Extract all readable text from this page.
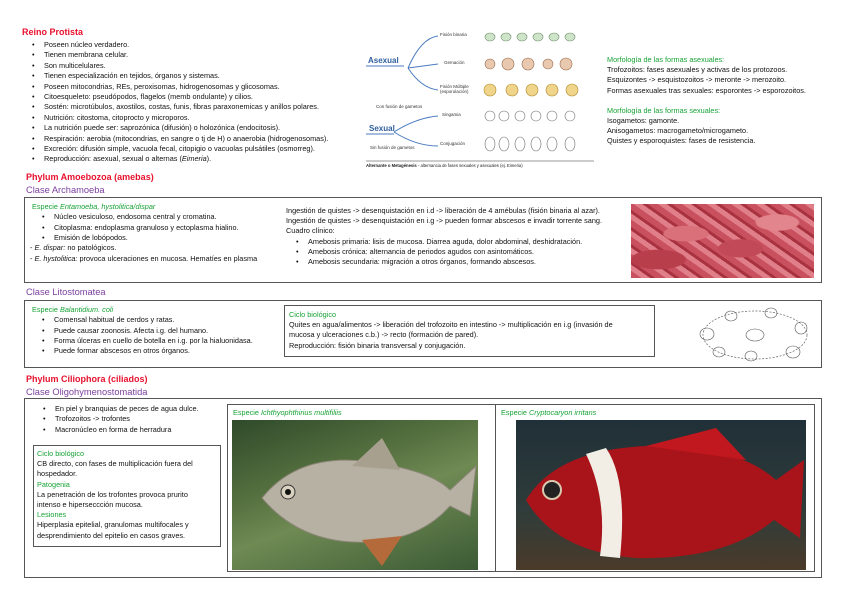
Reino Protista
• Poseen núcleo verdadero.
• Tienen membrana celular.
• Son multicelulares.
• Tienen especialización en tejidos, órganos y sistemas.
• Poseen mitocondrias, REs, peroxisomas, hidrogenosomas y glicosomas.
• Citoesqueleto: pseudópodos, flagelos (memb ondulante) y cilios.
• Sostén: microtúbulos, axostilos, costas, funis, fibras paraxonemicas y anillos polares.
• Nutrición: citostoma, citoprocto y microporos.
• La nutrición puede ser: saprozónica (difusión) o holozónica (endocitosis).
• Respiración: aerobia (mitocondrias, en sangre o tj de H) o anaerobia (hidrogenosomas).
• Excreción: difusión simple, vacuola fecal, citopigio o vacuolas pulsátiles (osmorreg).
• Reproducción: asexual, sexual o alternas (Eimeria).
Asexual
Sexual
Fisión binaria
Gemación
Fisión Múltiple (esporulación)
Singamia
Conjugación
Con fusión de gametos
Sin fusión de gametos
Alternante o Metagénesis - alternancia de fases sexuales y asexuales (ej. Eimeria)
Morfología de las formas asexuales:
Trofozoitos: fases asexuales y activas de los protozoos.
Esquizontes -> esquistozoitos -> meronte -> merozoito.
Formas asexuales tras sexuales: esporontes -> esporozoitos.
Morfología de las formas sexuales:
Isogametos: gamonte.
Anisogametos: macrogameto/microgameto.
Quistes y esporoquistes: fases de resistencia.
Phylum Amoebozoa (amebas)
Clase Archamoeba
Especie Entamoeba, hystolitica/dispar
• Núcleo vesiculoso, endosoma central y cromatina.
• Citoplasma: endoplasma granuloso y ectoplasma hialino.
• Emisión de lobópodos.
- E. dispar: no patológicos.
- E. hystolitica: provoca ulceraciones en mucosa. Hematíes en plasma
Ingestión de quistes -> desenquistación en i.d -> liberación de 4 amébulas (fisión binaria al azar).
Ingestión de quistes -> desenquistación en i.g -> pueden formar abscesos e invadir torrente sang.
Cuadro clínico:
• Amebosis primaria: lisis de mucosa. Diarrea aguda, dolor abdominal, deshidratación.
• Amebosis crónica: alternancia de periodos agudos con asintomáticos.
• Amebosis secundaria: migración a otros órganos, formando abscesos.
Clase Litostomatea
Especie Balantidium. coli
• Comensal habitual de cerdos y ratas.
• Puede causar zoonosis. Afecta i.g. del humano.
• Forma úlceras en cuello de botella en i.g. por la hialuonidasa.
• Puede formar abscesos en otros órganos.
Ciclo biológico
Quites en agua/alimentos -> liberación del trofozoito en intestino -> multiplicación en i.g (invasión de
mucosa y ulceraciones c.b.) -> recto (formación de pared).
Reproducción: fisión binaria transversal y conjugación.
Phylum Ciliophora (ciliados)
Clase Oligohymenostomatida
• En piel y branquias de peces de agua dulce.
• Trofozoitos -> trofontes
• Macronúcleo en forma de herradura
Ciclo biológico
CB directo, con fases de multiplicación fuera del
hospedador.
Patogenia
La penetración de los trofontes provoca prurito
intenso e hiperseccción mucosa.
Lesiones
Hiperplasia epitelial, granulomas multifocales y
desprendimiento del epitelio en casos graves.
Especie Ichthyophthirius multifiliis	Especie Cryptocaryon irritans
